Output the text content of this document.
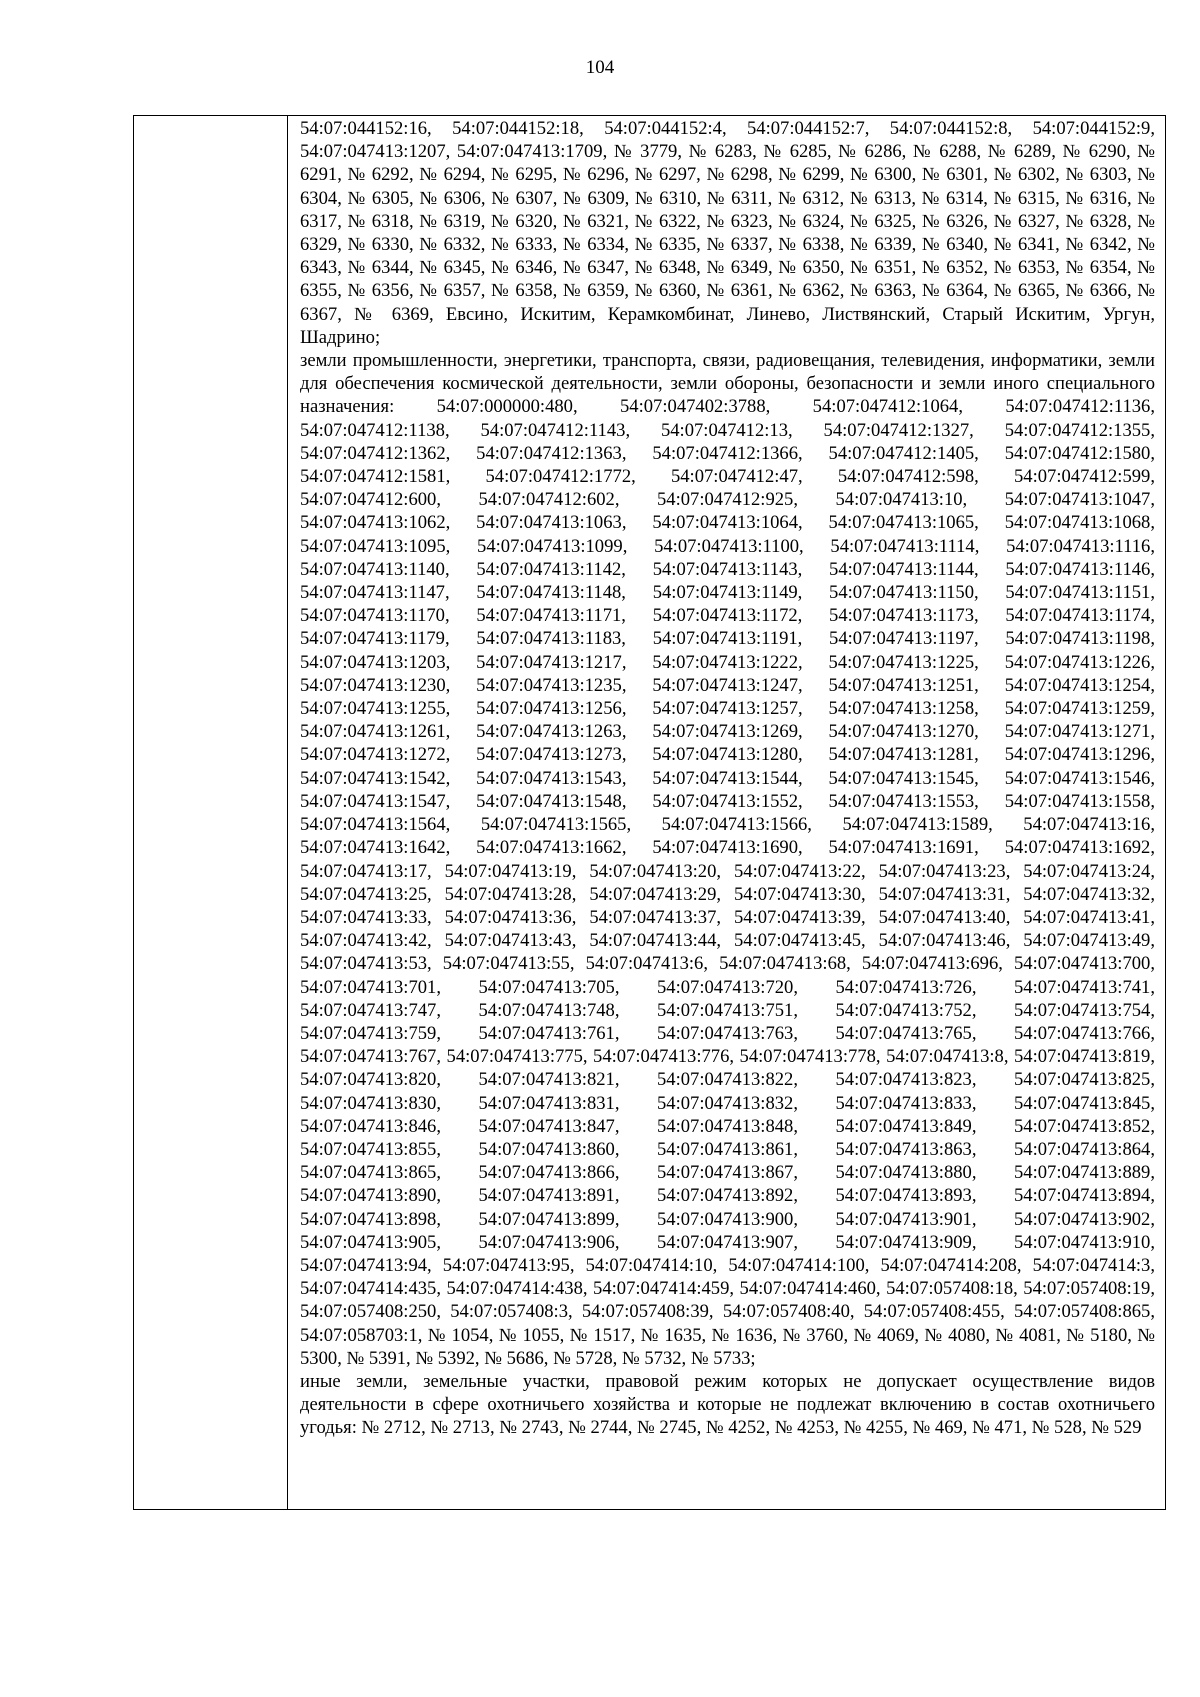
104

54:07:044152:16, 54:07:044152:18, 54:07:044152:4, 54:07:044152:7, 54:07:044152:8, 54:07:044152:9, 54:07:047413:1207, 54:07:047413:1709, № 3779, № 6283, № 6285, № 6286, № 6288, № 6289, № 6290, № 6291, № 6292, № 6294, № 6295, № 6296, № 6297, № 6298, № 6299, № 6300, № 6301, № 6302, № 6303, № 6304, № 6305, № 6306, № 6307, № 6309, № 6310, № 6311, № 6312, № 6313, № 6314, № 6315, № 6316, № 6317, № 6318, № 6319, № 6320, № 6321, № 6322, № 6323, № 6324, № 6325, № 6326, № 6327, № 6328, № 6329, № 6330, № 6332, № 6333, № 6334, № 6335, № 6337, № 6338, № 6339, № 6340, № 6341, № 6342, № 6343, № 6344, № 6345, № 6346, № 6347, № 6348, № 6349, № 6350, № 6351, № 6352, № 6353, № 6354, № 6355, № 6356, № 6357, № 6358, № 6359, № 6360, № 6361, № 6362, № 6363, № 6364, № 6365, № 6366, № 6367, № 6369, Евсино, Искитим, Керамкомбинат, Линево, Листвянский, Старый Искитим, Ургун, Шадрино;

земли промышленности, энергетики, транспорта, связи, радиовещания, телевидения, информатики, земли для обеспечения космической деятельности, земли обороны, безопасности и земли иного специального назначения: 54:07:000000:480, 54:07:047402:3788, 54:07:047412:1064, 54:07:047412:1136, 54:07:047412:1138, 54:07:047412:1143, 54:07:047412:13, 54:07:047412:1327, 54:07:047412:1355, 54:07:047412:1362, 54:07:047412:1363, 54:07:047412:1366, 54:07:047412:1405, 54:07:047412:1580, 54:07:047412:1581, 54:07:047412:1772, 54:07:047412:47, 54:07:047412:598, 54:07:047412:599, 54:07:047412:600, 54:07:047412:602, 54:07:047412:925, 54:07:047413:10, 54:07:047413:1047, 54:07:047413:1062, 54:07:047413:1063, 54:07:047413:1064, 54:07:047413:1065, 54:07:047413:1068, 54:07:047413:1095, 54:07:047413:1099, 54:07:047413:1100, 54:07:047413:1114, 54:07:047413:1116, 54:07:047413:1140, 54:07:047413:1142, 54:07:047413:1143, 54:07:047413:1144, 54:07:047413:1146, 54:07:047413:1147, 54:07:047413:1148, 54:07:047413:1149, 54:07:047413:1150, 54:07:047413:1151, 54:07:047413:1170, 54:07:047413:1171, 54:07:047413:1172, 54:07:047413:1173, 54:07:047413:1174, 54:07:047413:1179, 54:07:047413:1183, 54:07:047413:1191, 54:07:047413:1197, 54:07:047413:1198, 54:07:047413:1203, 54:07:047413:1217, 54:07:047413:1222, 54:07:047413:1225, 54:07:047413:1226, 54:07:047413:1230, 54:07:047413:1235, 54:07:047413:1247, 54:07:047413:1251, 54:07:047413:1254, 54:07:047413:1255, 54:07:047413:1256, 54:07:047413:1257, 54:07:047413:1258, 54:07:047413:1259, 54:07:047413:1261, 54:07:047413:1263, 54:07:047413:1269, 54:07:047413:1270, 54:07:047413:1271, 54:07:047413:1272, 54:07:047413:1273, 54:07:047413:1280, 54:07:047413:1281, 54:07:047413:1296, 54:07:047413:1542, 54:07:047413:1543, 54:07:047413:1544, 54:07:047413:1545, 54:07:047413:1546, 54:07:047413:1547, 54:07:047413:1548, 54:07:047413:1552, 54:07:047413:1553, 54:07:047413:1558, 54:07:047413:1564, 54:07:047413:1565, 54:07:047413:1566, 54:07:047413:1589, 54:07:047413:16, 54:07:047413:1642, 54:07:047413:1662, 54:07:047413:1690, 54:07:047413:1691, 54:07:047413:1692, 54:07:047413:17, 54:07:047413:19, 54:07:047413:20, 54:07:047413:22, 54:07:047413:23, 54:07:047413:24, 54:07:047413:25, 54:07:047413:28, 54:07:047413:29, 54:07:047413:30, 54:07:047413:31, 54:07:047413:32, 54:07:047413:33, 54:07:047413:36, 54:07:047413:37, 54:07:047413:39, 54:07:047413:40, 54:07:047413:41, 54:07:047413:42, 54:07:047413:43, 54:07:047413:44, 54:07:047413:45, 54:07:047413:46, 54:07:047413:49, 54:07:047413:53, 54:07:047413:55, 54:07:047413:6, 54:07:047413:68, 54:07:047413:696, 54:07:047413:700, 54:07:047413:701, 54:07:047413:705, 54:07:047413:720, 54:07:047413:726, 54:07:047413:741, 54:07:047413:747, 54:07:047413:748, 54:07:047413:751, 54:07:047413:752, 54:07:047413:754, 54:07:047413:759, 54:07:047413:761, 54:07:047413:763, 54:07:047413:765, 54:07:047413:766, 54:07:047413:767, 54:07:047413:775, 54:07:047413:776, 54:07:047413:778, 54:07:047413:8, 54:07:047413:819, 54:07:047413:820, 54:07:047413:821, 54:07:047413:822, 54:07:047413:823, 54:07:047413:825, 54:07:047413:830, 54:07:047413:831, 54:07:047413:832, 54:07:047413:833, 54:07:047413:845, 54:07:047413:846, 54:07:047413:847, 54:07:047413:848, 54:07:047413:849, 54:07:047413:852, 54:07:047413:855, 54:07:047413:860, 54:07:047413:861, 54:07:047413:863, 54:07:047413:864, 54:07:047413:865, 54:07:047413:866, 54:07:047413:867, 54:07:047413:880, 54:07:047413:889, 54:07:047413:890, 54:07:047413:891, 54:07:047413:892, 54:07:047413:893, 54:07:047413:894, 54:07:047413:898, 54:07:047413:899, 54:07:047413:900, 54:07:047413:901, 54:07:047413:902, 54:07:047413:905, 54:07:047413:906, 54:07:047413:907, 54:07:047413:909, 54:07:047413:910, 54:07:047413:94, 54:07:047413:95, 54:07:047414:10, 54:07:047414:100, 54:07:047414:208, 54:07:047414:3, 54:07:047414:435, 54:07:047414:438, 54:07:047414:459, 54:07:047414:460, 54:07:057408:18, 54:07:057408:19, 54:07:057408:250, 54:07:057408:3, 54:07:057408:39, 54:07:057408:40, 54:07:057408:455, 54:07:057408:865, 54:07:058703:1, № 1054, № 1055, № 1517, № 1635, № 1636, № 3760, № 4069, № 4080, № 4081, № 5180, № 5300, № 5391, № 5392, № 5686, № 5728, № 5732, № 5733;

иные земли, земельные участки, правовой режим которых не допускает осуществление видов деятельности в сфере охотничьего хозяйства и которые не подлежат включению в состав охотничьего угодья: № 2712, № 2713, № 2743, № 2744, № 2745, № 4252, № 4253, № 4255, № 469, № 471, № 528, № 529
